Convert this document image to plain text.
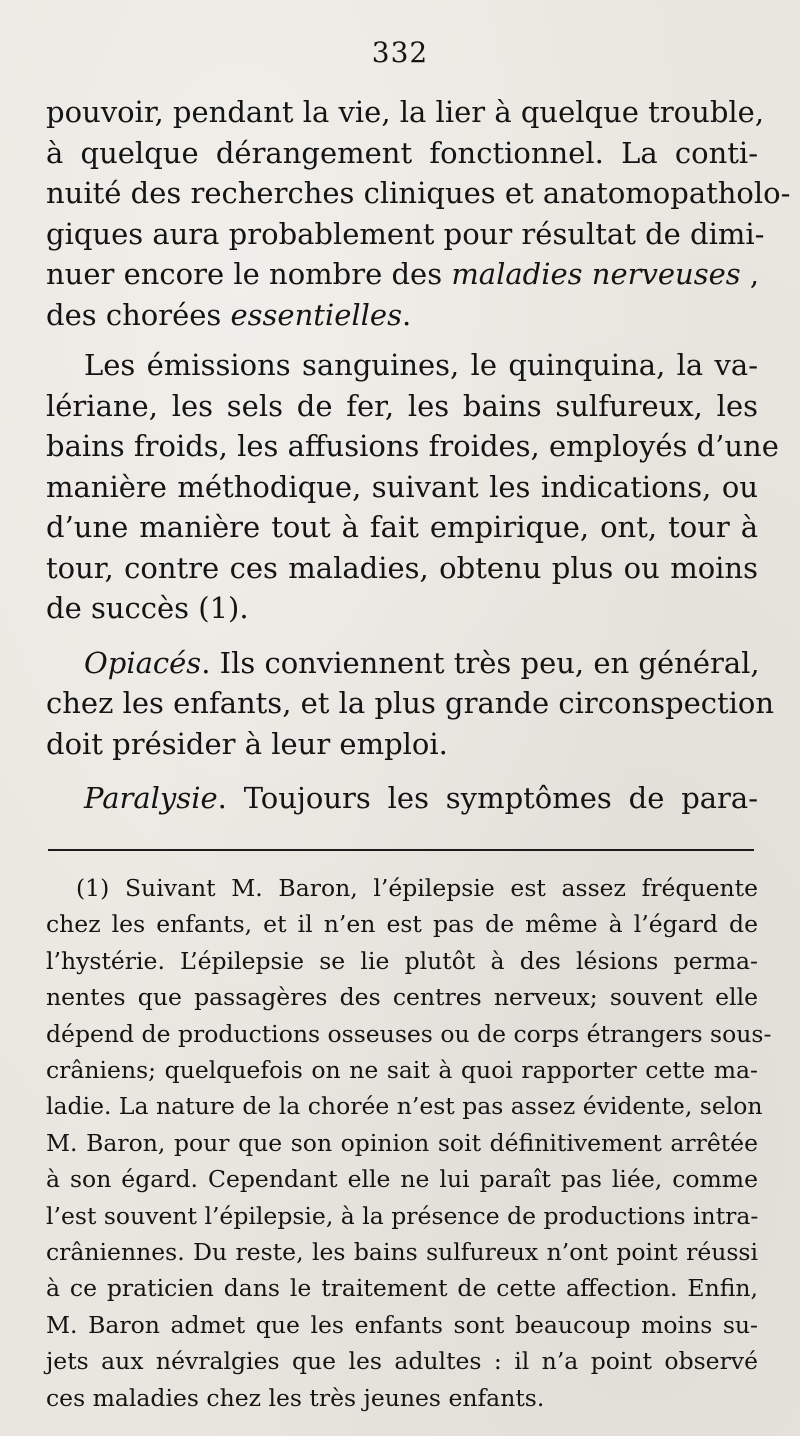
332

pouvoir, pendant la vie, la lier à quelque trouble,
à quelque dérangement fonctionnel. La conti-
nuité des recherches cliniques et anatomopatholo-
giques aura probablement pour résultat de dimi-
nuer encore le nombre des maladies nerveuses ,
des chorées essentielles.

Les émissions sanguines, le quinquina, la va-
lériane, les sels de fer, les bains sulfureux, les
bains froids, les affusions froides, employés d’une
manière méthodique, suivant les indications, ou
d’une manière tout à fait empirique, ont, tour à
tour, contre ces maladies, obtenu plus ou moins
de succès (1).

Opiacés. Ils conviennent très peu, en général,
chez les enfants, et la plus grande circonspection
doit présider à leur emploi.

Paralysie. Toujours les symptômes de para-

(1) Suivant M. Baron, l’épilepsie est assez fréquente
chez les enfants, et il n’en est pas de même à l’égard de
l’hystérie. L’épilepsie se lie plutôt à des lésions perma-
nentes que passagères des centres nerveux; souvent elle
dépend de productions osseuses ou de corps étrangers sous-
crâniens; quelquefois on ne sait à quoi rapporter cette ma-
ladie. La nature de la chorée n’est pas assez évidente, selon
M. Baron, pour que son opinion soit définitivement arrêtée
à son égard. Cependant elle ne lui paraît pas liée, comme
l’est souvent l’épilepsie, à la présence de productions intra-
crâniennes. Du reste, les bains sulfureux n’ont point réussi
à ce praticien dans le traitement de cette affection. Enfin,
M. Baron admet que les enfants sont beaucoup moins su-
jets aux névralgies que les adultes : il n’a point observé
ces maladies chez les très jeunes enfants.
